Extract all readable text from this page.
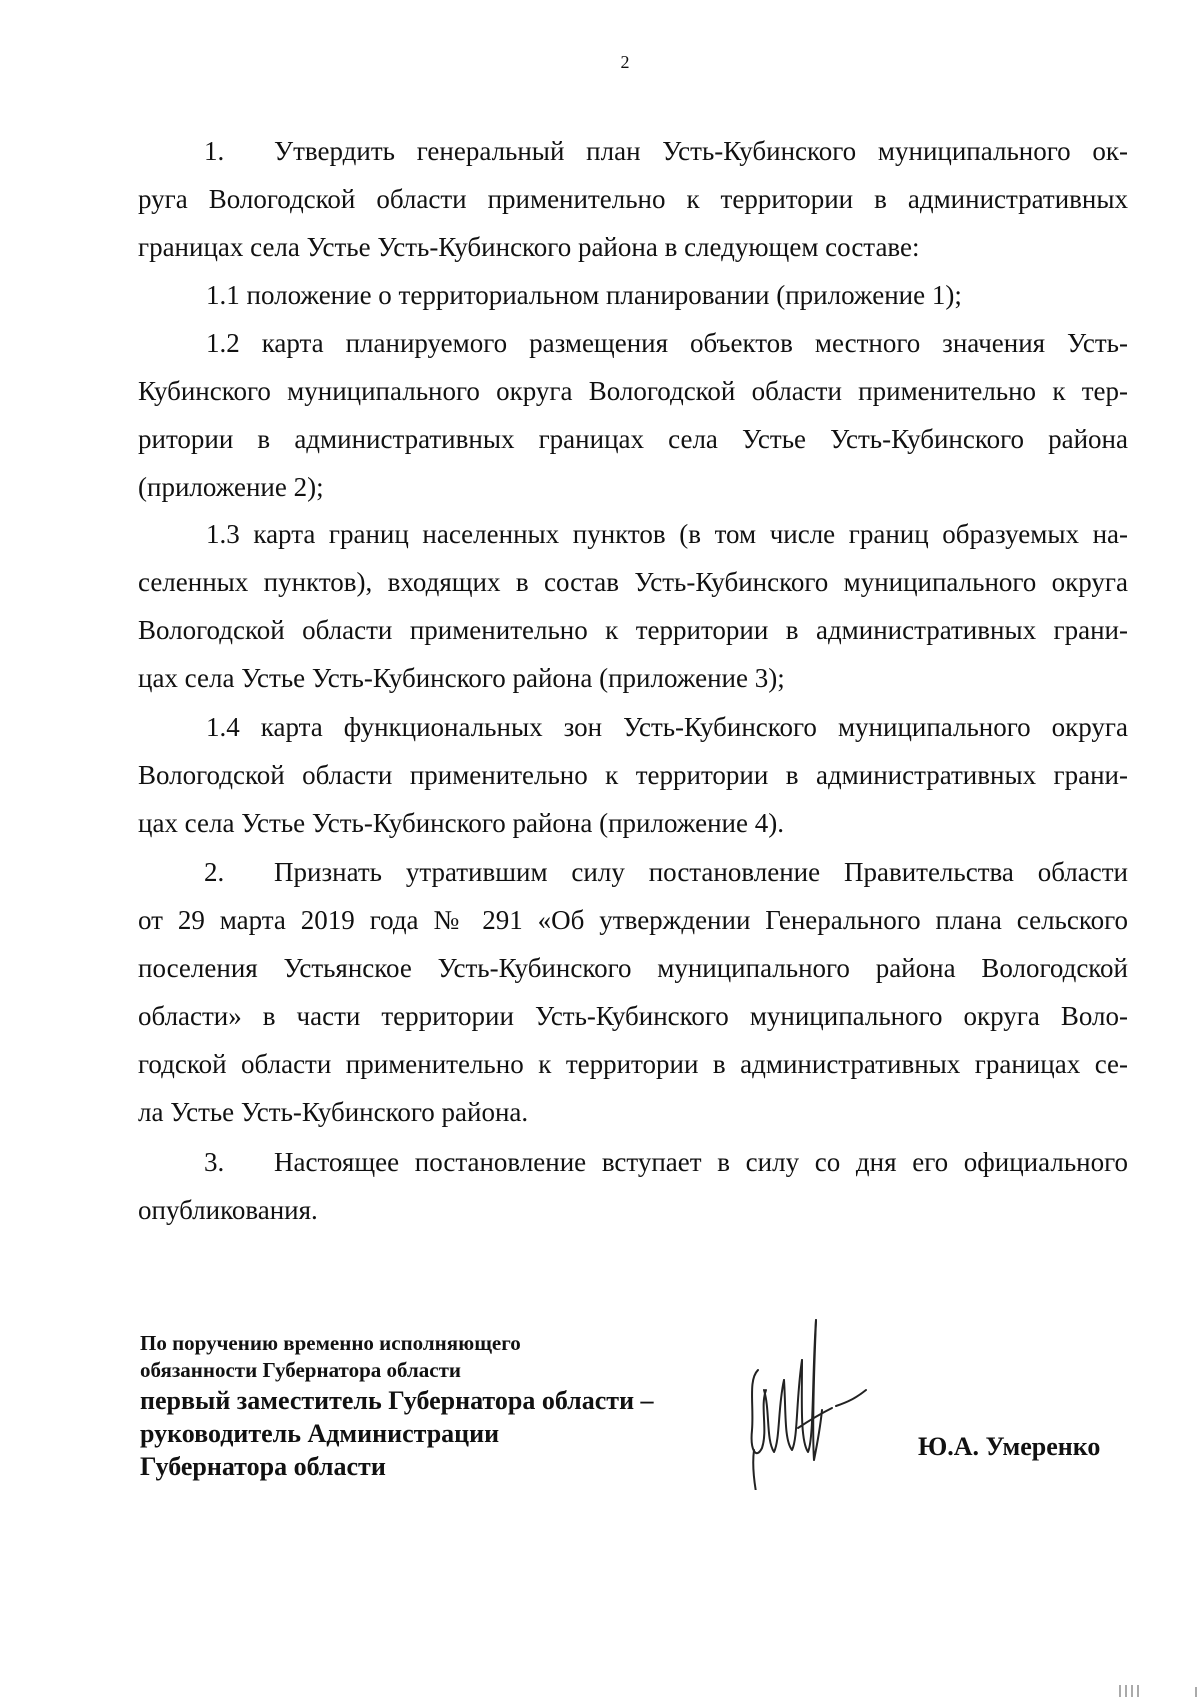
2

1. Утвердить генеральный план Усть-Кубинского муниципального ок-
руга Вологодской области применительно к территории в административных
границах села Устье Усть-Кубинского района в следующем составе:

1.1 положение о территориальном планировании (приложение 1);

1.2 карта планируемого размещения объектов местного значения Усть-
Кубинского муниципального округа Вологодской области применительно к тер-
ритории в административных границах села Устье Усть-Кубинского района
(приложение 2);

1.3 карта границ населенных пунктов (в том числе границ образуемых на-
селенных пунктов), входящих в состав Усть-Кубинского муниципального округа
Вологодской области применительно к территории в административных грани-
цах села Устье Усть-Кубинского района (приложение 3);

1.4 карта функциональных зон Усть-Кубинского муниципального округа
Вологодской области применительно к территории в административных грани-
цах села Устье Усть-Кубинского района (приложение 4).

2. Признать утратившим силу постановление Правительства области
от 29 марта 2019 года № 291 «Об утверждении Генерального плана сельского
поселения Устьянское Усть-Кубинского муниципального района Вологодской
области» в части территории Усть-Кубинского муниципального округа Воло-
годской области применительно к территории в административных границах се-
ла Устье Усть-Кубинского района.

3. Настоящее постановление вступает в силу со дня его официального
опубликования.

По поручению временно исполняющего
обязанности Губернатора области
первый заместитель Губернатора области –
руководитель Администрации
Губернатора области
Ю.А. Умеренко
